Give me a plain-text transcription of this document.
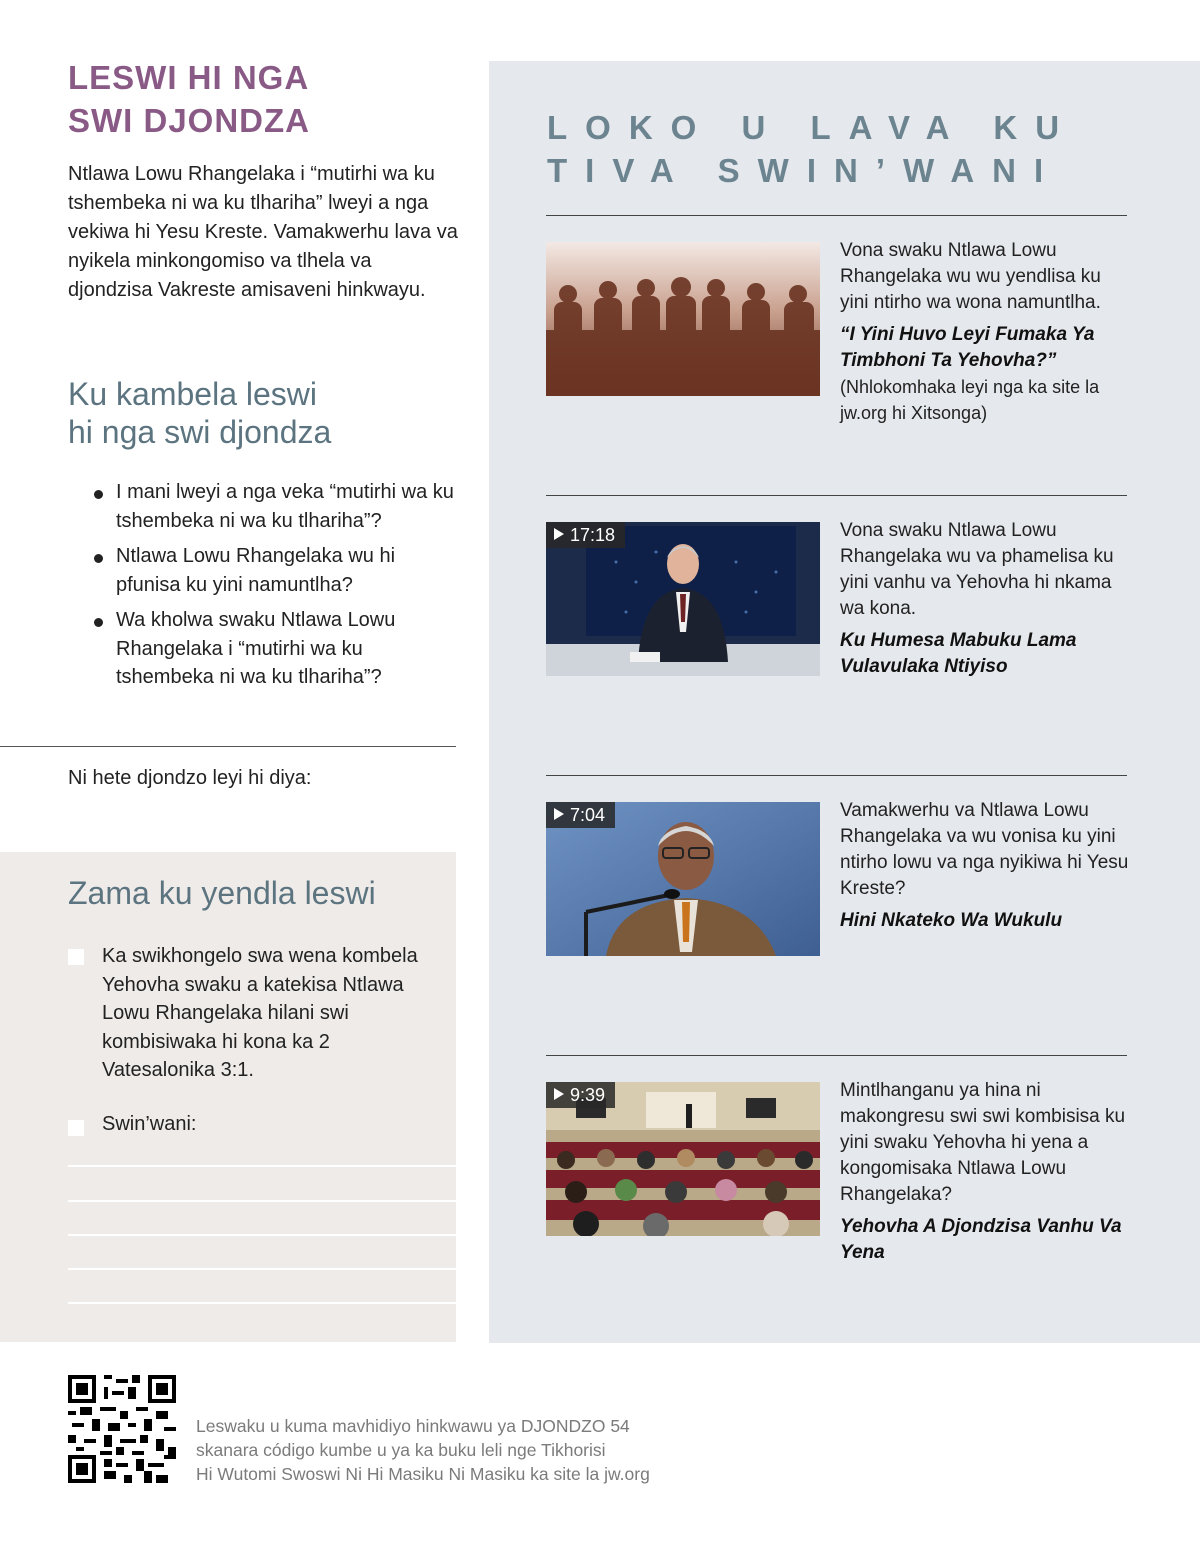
LESWI HI NGA
SWI DJONDZA
Ntlawa Lowu Rhangelaka i “mutirhi wa ku tshembeka ni wa ku tlhariha” lweyi a nga vekiwa hi Yesu Kreste. Vamakwerhu lava va nyikela minkongomiso va tlhela va djondzisa Vakreste amisaveni hinkwayu.
Ku kambela leswi
hi nga swi djondza
I mani lweyi a nga veka “mutirhi wa ku tshembeka ni wa ku tlhariha”?
Ntlawa Lowu Rhangelaka wu hi pfunisa ku yini namuntlha?
Wa kholwa swaku Ntlawa Lowu Rhangelaka i “mutirhi wa ku tshembeka ni wa ku tlhariha”?
Ni hete djondzo leyi hi diya:
Zama ku yendla leswi
Ka swikhongelo swa wena kombela Yehovha swaku a katekisa Ntlawa Lowu Rhangelaka hilani swi kombisiwaka hi kona ka 2 Vatesalonika 3:1.
Swin’wani:
LOKO U LAVA KU
TIVA SWIN’WANI
Vona swaku Ntlawa Lowu Rhangelaka wu wu yendlisa ku yini ntirho wa wona namuntlha.
“I Yini Huvo Leyi Fumaka Ya Timbhoni Ta Yehovha?”
(Nhlokomhaka leyi nga ka site la jw.org hi Xitsonga)
17:18	Vona swaku Ntlawa Lowu Rhangelaka wu va phamelisa ku yini vanhu va Yehovha hi nkama wa kona.
Ku Humesa Mabuku Lama Vulavulaka Ntiyiso
7:04	Vamakwerhu va Ntlawa Lowu Rhangelaka va wu vonisa ku yini ntirho lowu va nga nyikiwa hi Yesu Kreste?
Hini Nkateko Wa Wukulu
9:39	Mintlhanganu ya hina ni makongresu swi swi kombisisa ku yini swaku Yehovha hi yena a kongomisaka Ntlawa Lowu Rhangelaka?
Yehovha A Djondzisa Vanhu Va Yena
Leswaku u kuma mavhidiyo hinkwawu ya DJONDZO 54
skanara código kumbe u ya ka buku leli nge Tikhorisi
Hi Wutomi Swoswi Ni Hi Masiku Ni Masiku ka site la jw.org
